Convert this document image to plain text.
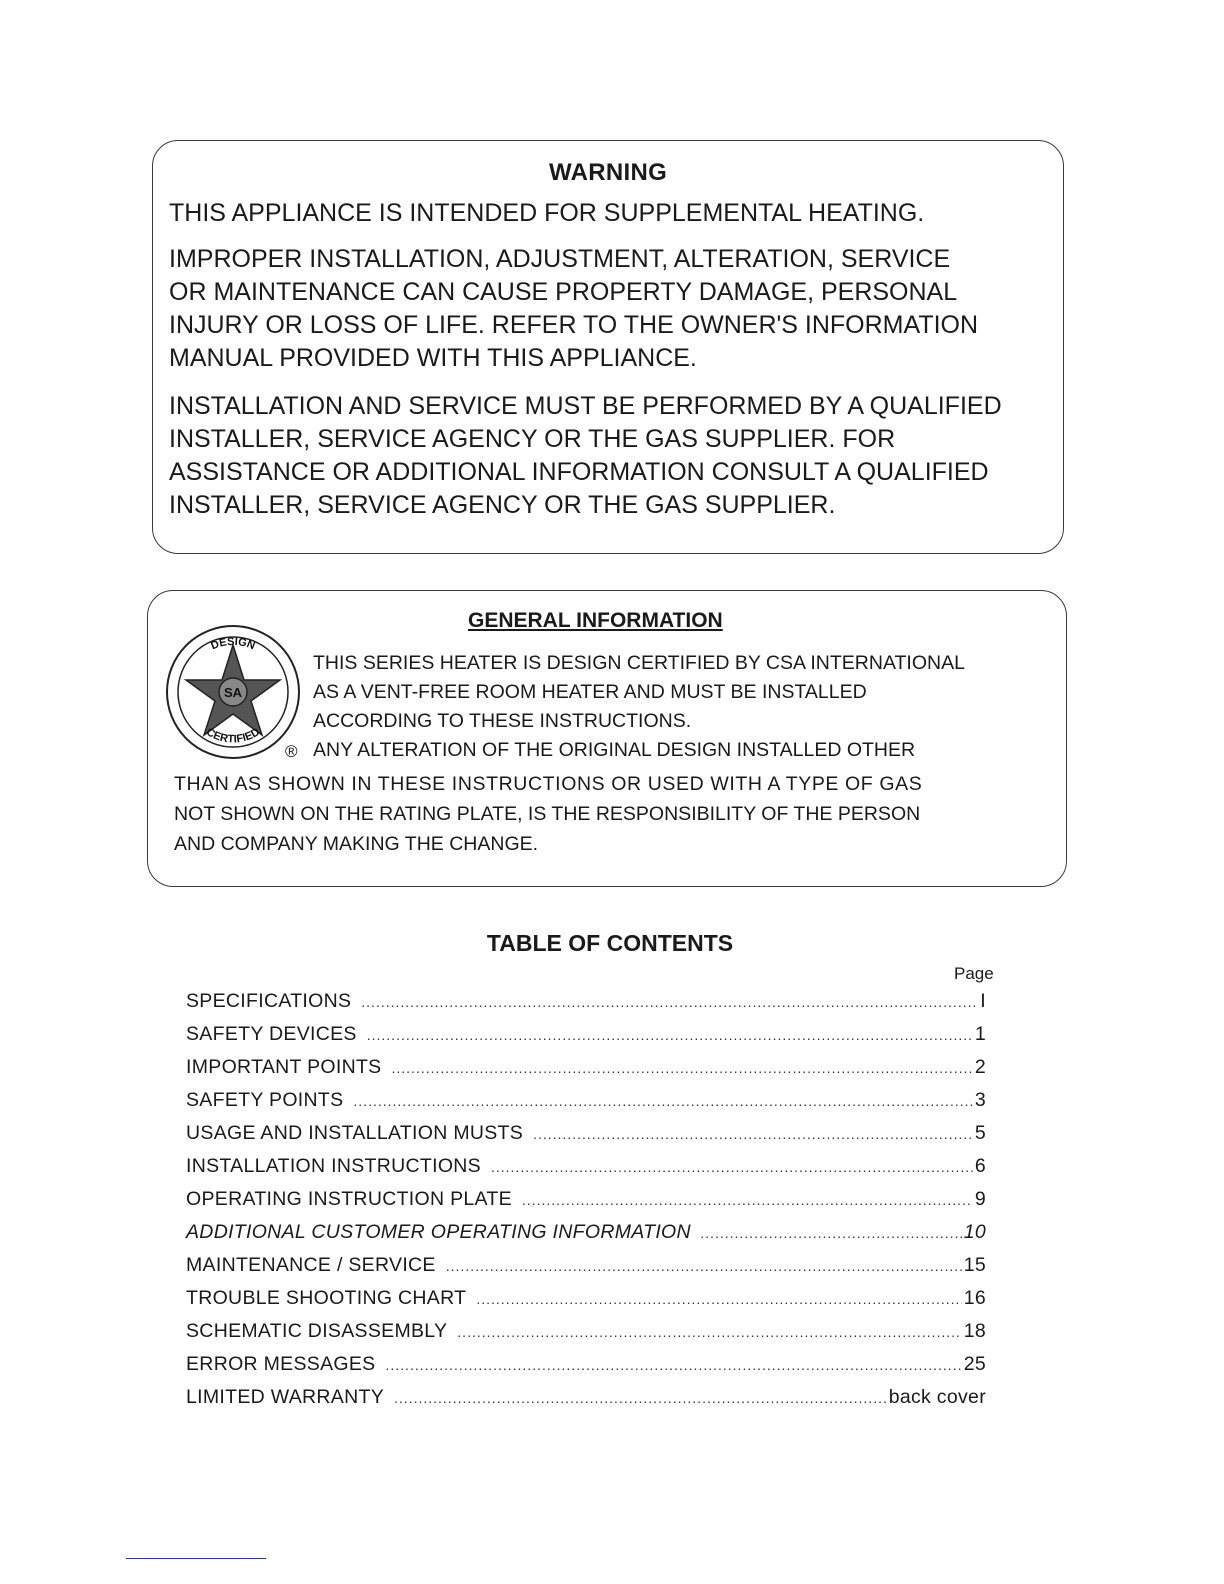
WARNING

THIS APPLIANCE IS INTENDED FOR SUPPLEMENTAL HEATING.

IMPROPER INSTALLATION, ADJUSTMENT, ALTERATION, SERVICE
OR MAINTENANCE CAN CAUSE PROPERTY DAMAGE, PERSONAL
INJURY OR LOSS OF LIFE. REFER TO THE OWNER'S INFORMATION
MANUAL PROVIDED WITH THIS APPLIANCE.

INSTALLATION AND SERVICE MUST BE PERFORMED BY A QUALIFIED
INSTALLER, SERVICE AGENCY OR THE GAS SUPPLIER. FOR
ASSISTANCE OR ADDITIONAL INFORMATION CONSULT A QUALIFIED
INSTALLER, SERVICE AGENCY OR THE GAS SUPPLIER.

GENERAL INFORMATION
SA
DESIGN
CERTIFIED
®
THIS SERIES HEATER IS DESIGN CERTIFIED BY CSA INTERNATIONAL
AS A VENT-FREE ROOM HEATER AND MUST BE INSTALLED
ACCORDING TO THESE INSTRUCTIONS.
ANY ALTERATION OF THE ORIGINAL DESIGN INSTALLED OTHER
THAN AS SHOWN IN THESE INSTRUCTIONS OR USED WITH A TYPE OF GAS
NOT SHOWN ON THE RATING PLATE, IS THE RESPONSIBILITY OF THE PERSON
AND COMPANY MAKING THE CHANGE.
TABLE OF CONTENTS
Page
SPECIFICATIONS .....	I
SAFETY DEVICES .....	1
IMPORTANT POINTS .....	2
SAFETY POINTS .....	3
USAGE AND INSTALLATION MUSTS .....	5
INSTALLATION INSTRUCTIONS .....	6
OPERATING INSTRUCTION PLATE .....	9
ADDITIONAL CUSTOMER OPERATING INFORMATION .....	10
MAINTENANCE / SERVICE .....	15
TROUBLE SHOOTING CHART .....	16
SCHEMATIC DISASSEMBLY .....	18
ERROR MESSAGES .....	25
LIMITED WARRANTY .....	back cover
